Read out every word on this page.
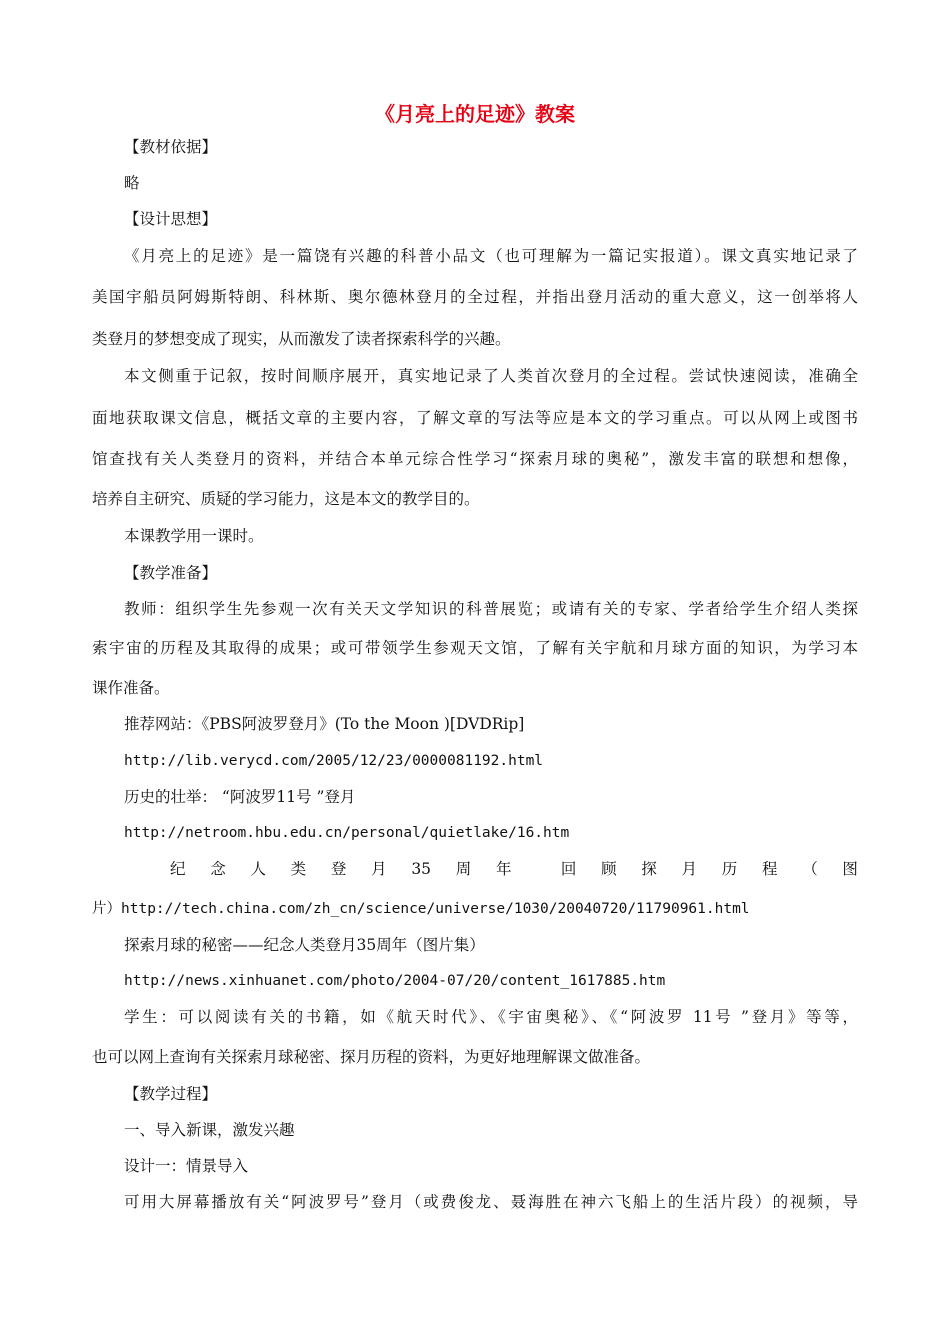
《月亮上的足迹》教案
【教材依据】
略
【设计思想】
《月亮上的足迹》是一篇饶有兴趣的科普小品文（也可理解为一篇记实报道）。课文真实地记录了
美国宇船员阿姆斯特朗、科林斯、奥尔德林登月的全过程，并指出登月活动的重大意义，这一创举将人
类登月的梦想变成了现实，从而激发了读者探索科学的兴趣。
本文侧重于记叙，按时间顺序展开，真实地记录了人类首次登月的全过程。尝试快速阅读，准确全
面地获取课文信息，概括文章的主要内容，了解文章的写法等应是本文的学习重点。可以从网上或图书
馆查找有关人类登月的资料，并结合本单元综合性学习“探索月球的奥秘”，激发丰富的联想和想像，
培养自主研究、质疑的学习能力，这是本文的教学目的。
本课教学用一课时。
【教学准备】
教师：组织学生先参观一次有关天文学知识的科普展览；或请有关的专家、学者给学生介绍人类探
索宇宙的历程及其取得的成果；或可带领学生参观天文馆，了解有关宇航和月球方面的知识，为学习本
课作准备。
推荐网站：《PBS阿波罗登月》(To the Moon )[DVDRip]
http://lib.verycd.com/2005/12/23/0000081192.html
历史的壮举： “阿波罗11号 ”登月
http://netroom.hbu.edu.cn/personal/quietlake/16.htm
纪 念 人 类 登 月 35 周 年	回 顾 探 月 历 程 （ 图
片）http://tech.china.com/zh_cn/science/universe/1030/20040720/11790961.html
探索月球的秘密——纪念人类登月35周年（图片集）
http://news.xinhuanet.com/photo/2004-07/20/content_1617885.htm
学生：可以阅读有关的书籍，如《航天时代》、《宇宙奥秘》、《“阿波罗 11号 ”登月》等等，
也可以网上查询有关探索月球秘密、探月历程的资料，为更好地理解课文做准备。
【教学过程】
一、导入新课，激发兴趣
设计一：情景导入
可用大屏幕播放有关“阿波罗号”登月（或费俊龙、聂海胜在神六飞船上的生活片段）的视频，导
